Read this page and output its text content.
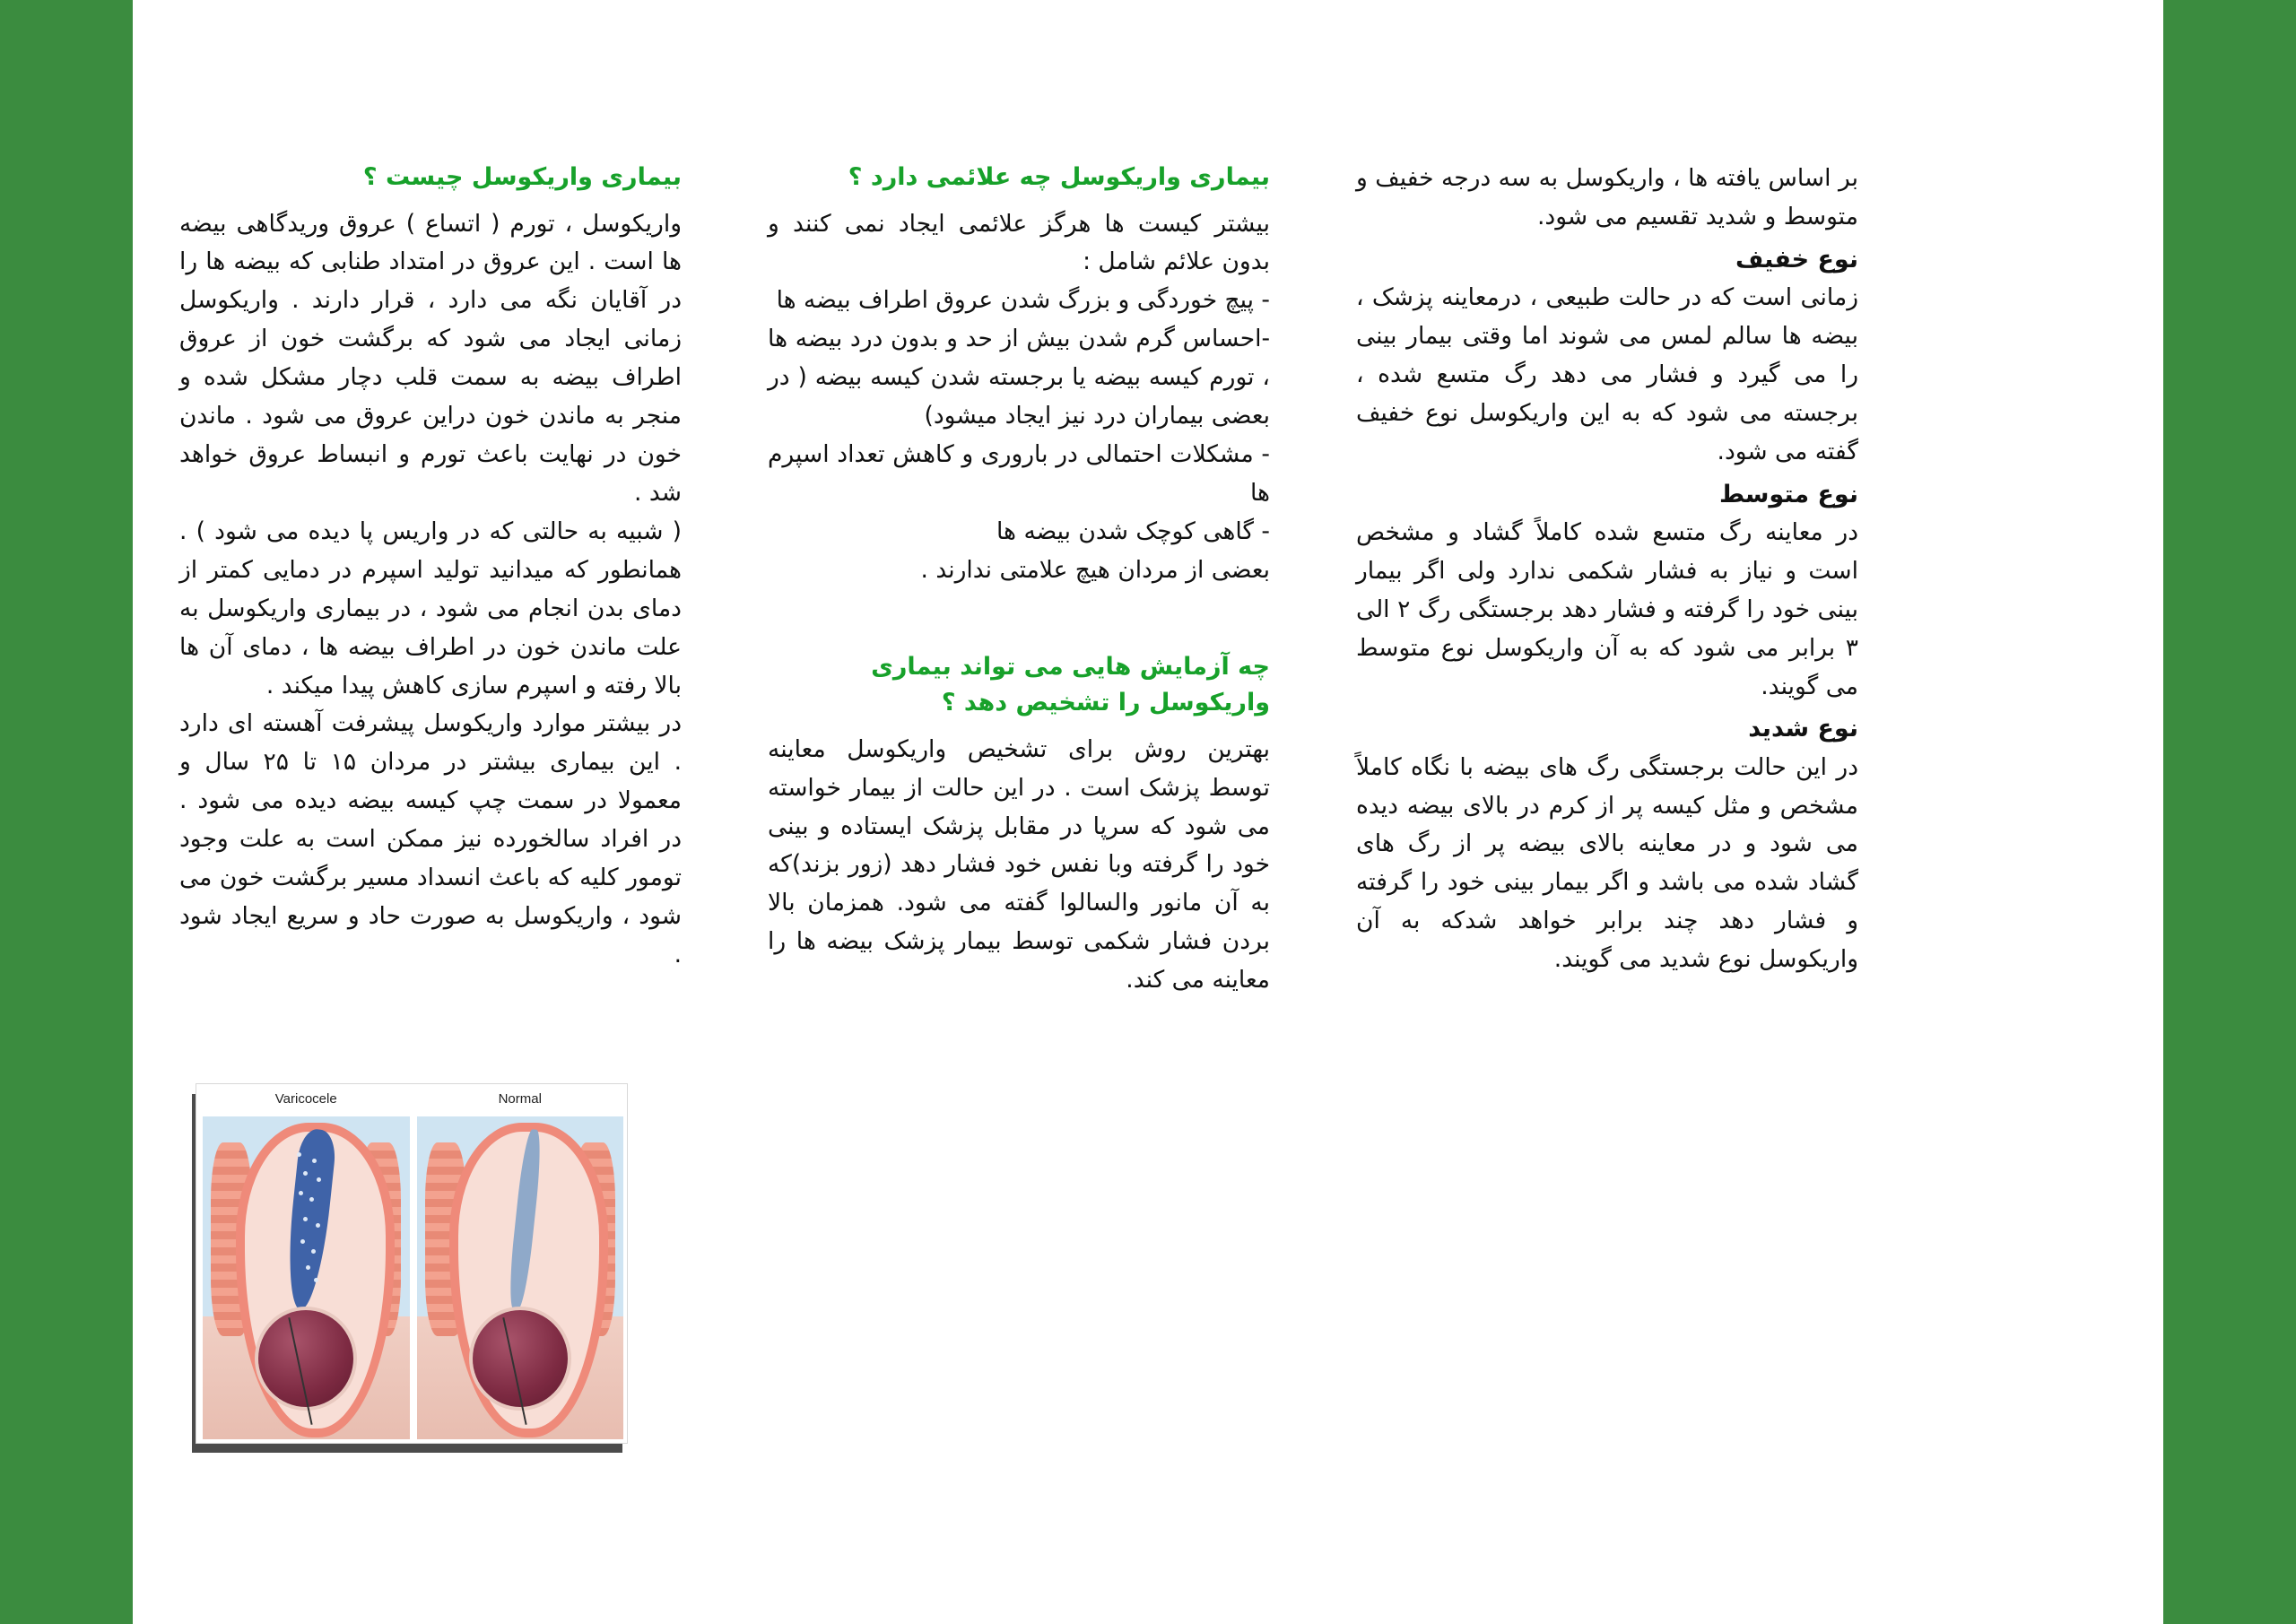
بیماری واریکوسل چیست ؟

واریکوسل ، تورم ( اتساع ) عروق وریدگاهی بیضه ها است . این عروق در امتداد طنابی که بیضه ها را در آقایان نگه می دارد ، قرار دارند . واریکوسل زمانی ایجاد می شود که برگشت خون از عروق اطراف بیضه به سمت قلب دچار مشکل شده و منجر به ماندن خون دراین عروق می شود . ماندن خون در نهایت باعث تورم و انبساط عروق خواهد شد .

( شبیه به حالتی که در واریس پا دیده می شود ) . همانطور که میدانید تولید اسپرم در دمایی کمتر از دمای بدن انجام می شود ، در بیماری واریکوسل به علت ماندن خون در اطراف بیضه ها ، دمای آن ها بالا رفته و اسپرم سازی کاهش پیدا میکند .

در بیشتر موارد واریکوسل پیشرفت آهسته ای دارد . این بیماری بیشتر در مردان ۱۵ تا ۲۵ سال و معمولا در سمت چپ کیسه بیضه دیده می شود . در افراد سالخورده نیز ممکن است به علت وجود تومور کلیه که باعث انسداد مسیر برگشت خون می شود ، واریکوسل به صورت حاد و سریع ایجاد شود .

بیماری واریکوسل چه علائمی دارد ؟

بیشتر کیست ها هرگز علائمی ایجاد نمی کنند و بدون علائم شامل :

- پیچ خوردگی و بزرگ شدن عروق اطراف بیضه ها

-احساس گرم شدن بیش از حد و بدون درد بیضه ها ، تورم کیسه بیضه یا برجسته شدن کیسه بیضه ( در بعضی بیماران درد نیز ایجاد میشود)

- مشکلات احتمالی در باروری و کاهش تعداد اسپرم ها

- گاهی کوچک شدن بیضه ها

بعضی از مردان هیچ علامتی ندارند .

چه آزمایش هایی می تواند بیماری واریکوسل را تشخیص دهد ؟

بهترین روش برای تشخیص واریکوسل معاینه توسط پزشک است . در این حالت از بیمار خواسته می شود که سرپا در مقابل پزشک ایستاده و بینی خود را گرفته وبا نفس خود فشار دهد (زور بزند)که به آن مانور والسالوا گفته می شود. همزمان بالا بردن فشار شکمی توسط بیمار پزشک بیضه ها را معاینه می کند.

بر اساس یافته ها ، واریکوسل به سه درجه خفیف و متوسط و شدید تقسیم می شود.

نوع خفیف

زمانی است که در حالت طبیعی ، درمعاینه پزشک ، بیضه ها سالم لمس می شوند اما وقتی بیمار بینی را می گیرد و فشار می دهد رگ متسع شده ، برجسته می شود که به این واریکوسل نوع خفیف گفته می شود.

نوع متوسط

در معاینه رگ متسع شده کاملاً گشاد و مشخص است و نیاز به فشار شکمی ندارد ولی اگر بیمار بینی خود را گرفته و فشار دهد برجستگی رگ ۲ الی ۳ برابر می شود که به آن واریکوسل نوع متوسط می گویند.

نوع شدید

در این حالت برجستگی رگ های بیضه با نگاه کاملاً مشخص و مثل کیسه پر از کرم در بالای بیضه دیده می شود و در معاینه بالای بیضه پر از رگ های گشاد شده می باشد و اگر بیمار بینی خود را گرفته و فشار دهد چند برابر خواهد شدکه به آن واریکوسل نوع شدید می گویند.

Normal
Varicocele
